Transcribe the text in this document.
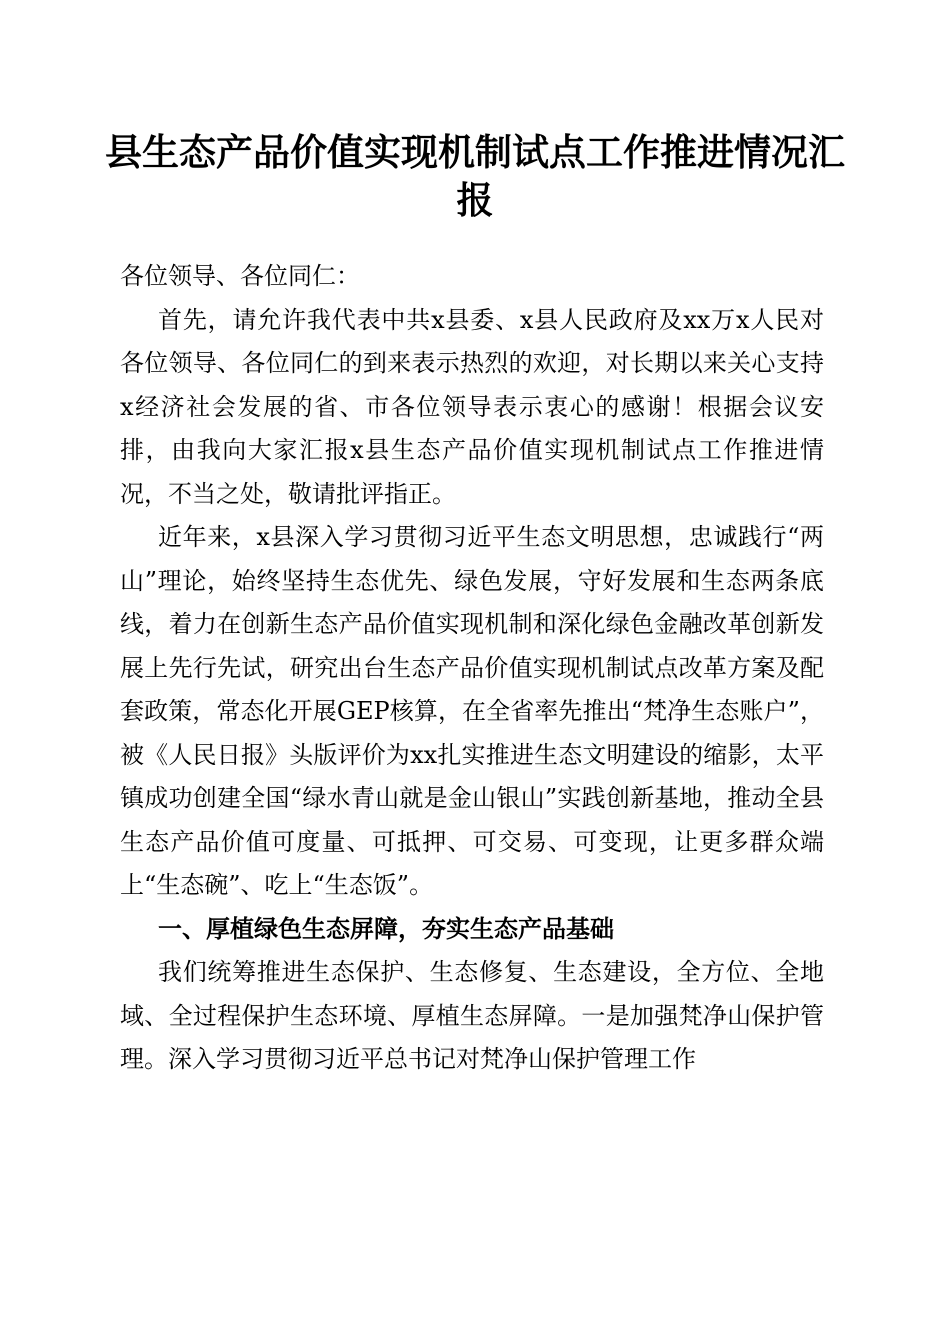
县生态产品价值实现机制试点工作推进情况汇报

各位领导、各位同仁：

首先，请允许我代表中共x县委、x县人民政府及xx万x人民对各位领导、各位同仁的到来表示热烈的欢迎，对长期以来关心支持x经济社会发展的省、市各位领导表示衷心的感谢！根据会议安排，由我向大家汇报x县生态产品价值实现机制试点工作推进情况，不当之处，敬请批评指正。

近年来，x县深入学习贯彻习近平生态文明思想，忠诚践行“两山”理论，始终坚持生态优先、绿色发展，守好发展和生态两条底线，着力在创新生态产品价值实现机制和深化绿色金融改革创新发展上先行先试，研究出台生态产品价值实现机制试点改革方案及配套政策，常态化开展GEP核算，在全省率先推出“梵净生态账户”，被《人民日报》头版评价为xx扎实推进生态文明建设的缩影，太平镇成功创建全国“绿水青山就是金山银山”实践创新基地，推动全县生态产品价值可度量、可抵押、可交易、可变现，让更多群众端上“生态碗”、吃上“生态饭”。

一、厚植绿色生态屏障，夯实生态产品基础

我们统筹推进生态保护、生态修复、生态建设，全方位、全地域、全过程保护生态环境、厚植生态屏障。一是加强梵净山保护管理。深入学习贯彻习近平总书记对梵净山保护管理工作
